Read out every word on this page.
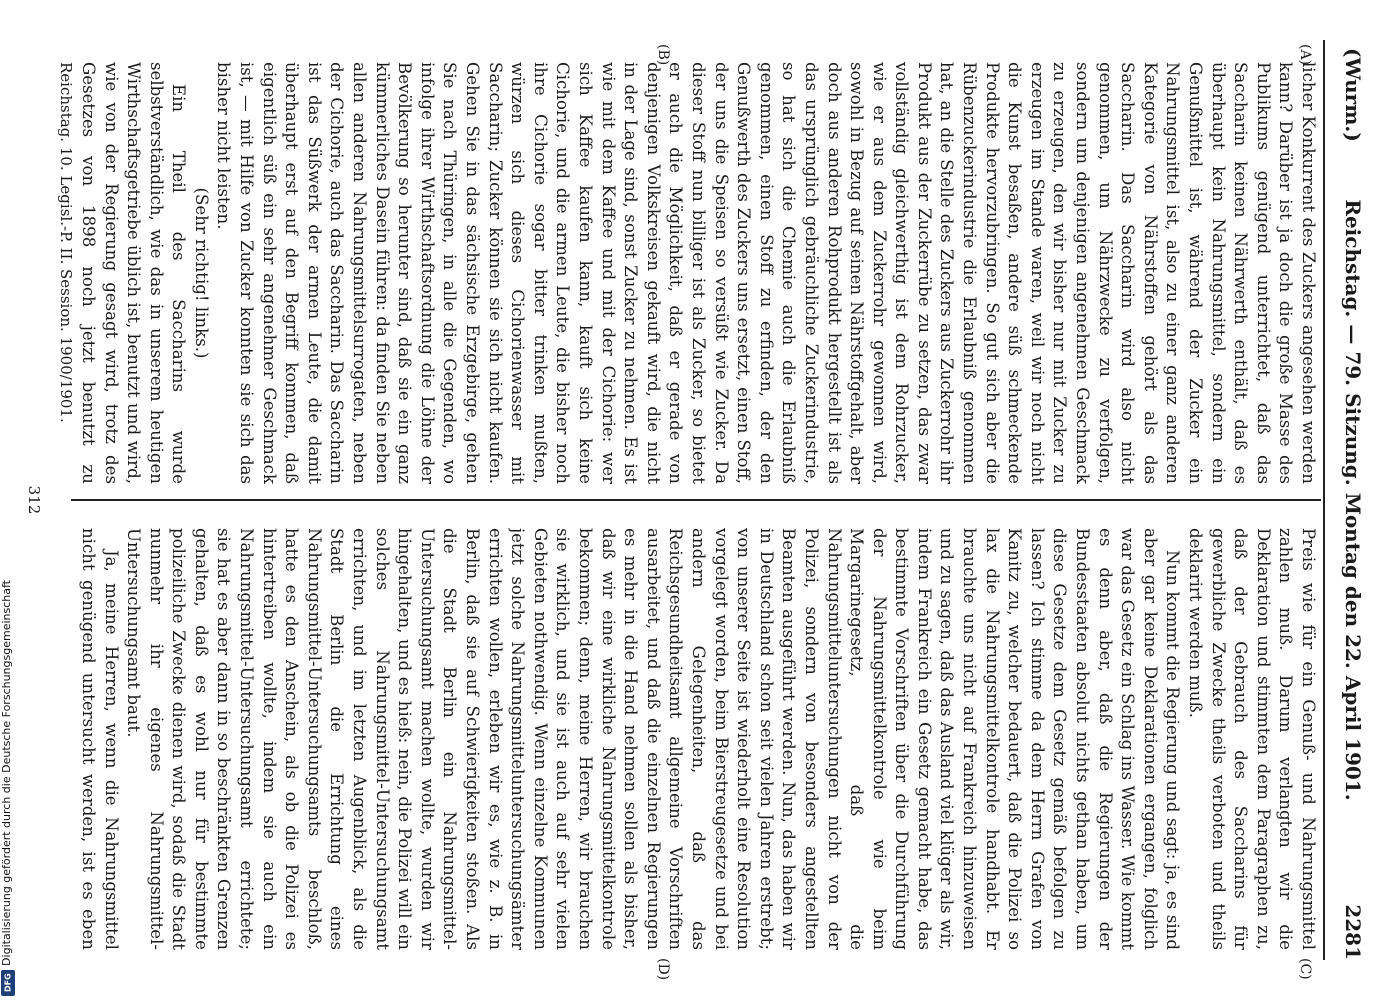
(Wurm.)
Reichstag. — 79. Sitzung. Montag den 22. April 1901.
2281
(A)
(B)
(C)
(D)

licher Konkurrent des Zuckers angesehen werden kann? Darüber ist ja doch die große Masse des Publikums genügend unterrichtet, daß das Saccharin keinen Nährwerth enthält, daß es überhaupt kein Nahrungsmittel, sondern ein Genußmittel ist, während der Zucker ein Nahrungsmittel ist, also zu einer ganz anderen Kategorie von Nährstoffen gehört als das Saccharin. Das Saccharin wird also nicht genommen, um Nährzwecke zu verfolgen, sondern um denjenigen angenehmen Geschmack zu erzeugen, den wir bisher nur mit Zucker zu erzeugen im Stande waren, weil wir noch nicht die Kunst besaßen, andere süß schmeckende Produkte hervorzubringen. So gut sich aber die Rübenzuckerindustrie die Erlaubniß genommen hat, an die Stelle des Zuckers aus Zuckerrohr ihr Produkt aus der Zuckerrübe zu setzen, das zwar vollständig gleichwerthig ist dem Rohrzucker, wie er aus dem Zuckerrohr gewonnen wird, sowohl in Bezug auf seinen Nährstoffgehalt, aber doch aus anderen Rohprodukt hergestellt ist als das ursprünglich gebräuchliche Zuckerindustrie, so hat sich die Chemie auch die Erlaubniß genommen, einen Stoff zu erfinden, der den Genußwerth des Zuckers uns ersetzt, einen Stoff, der uns die Speisen so versüßt wie Zucker. Da dieser Stoff nun billiger ist als Zucker, so bietet er auch die Möglichkeit, daß er gerade von denjenigen Volkskreisen gekauft wird, die nicht in der Lage sind, sonst Zucker zu nehmen. Es ist wie mit dem Kaffee und mit der Cichorie: wer sich Kaffee kaufen kann, kauft sich keine Cichorie, und die armen Leute, die bisher noch ihre Cichorie sogar bitter trinken mußten, würzen sich dieses Cichorienwasser mit Saccharin; Zucker können sie sich nicht kaufen. Gehen Sie in das sächsische Erzgebirge, gehen Sie nach Thüringen, in alle die Gegenden, wo infolge ihrer Wirthschaftsordnung die Löhne der Bevölkerung so herunter sind, daß sie ein ganz kümmerliches Dasein führen: da finden Sie neben allen anderen Nahrungsmittelsurrogaten, neben der Cichorie, auch das Saccharin. Das Saccharin ist das Süßwerk der armen Leute, die damit überhaupt erst auf den Begriff kommen, daß eigentlich süß ein sehr angenehmer Geschmack ist, — mit Hilfe von Zucker konnten sie sich das bisher nicht leisten.

(Sehr richtig! links.)

Ein Theil des Saccharins wurde selbstverständlich, wie das in unserem heutigen Wirthschaftsgetriebe üblich ist, benutzt und wird, wie von der Regierung gesagt wird, trotz des Gesetzes von 1898 noch jetzt benutzt zu

Preis wie für ein Genuß- und Nahrungsmittel zahlen muß. Darum verlangten wir die Deklaration und stimmten dem Paragraphen zu, daß der Gebrauch des Saccharins für gewerbliche Zwecke theils verboten und theils deklarirt werden muß.

Nun kommt die Regierung und sagt: ja, es sind aber gar keine Deklarationen ergangen, folglich war das Gesetz ein Schlag ins Wasser. Wie kommt es denn aber, daß die Regierungen der Bundesstaaten absolut nichts gethan haben, um diese Gesetze dem Gesetz gemäß befolgen zu lassen? Ich stimme da dem Herrn Grafen von Kanitz zu, welcher bedauert, daß die Polizei so lax die Nahrungsmittelkontrole handhabt. Er brauchte uns nicht auf Frankreich hinzuweisen und zu sagen, daß das Ausland viel klüger als wir, indem Frankreich ein Gesetz gemacht habe, das bestimmte Vorschriften über die Durchführung der Nahrungsmittelkontrole wie beim Margarinegesetz, daß die Nahrungsmitteluntersuchungen nicht von der Polizei, sondern von besonders angestellten Beamten ausgeführt werden. Nun, das haben wir in Deutschland schon seit vielen Jahren erstrebt; von unserer Seite ist wiederholt eine Resolution vorgelegt worden, beim Bierstreugesetze und bei andern Gelegenheiten, daß das Reichsgesundheitsamt allgemeine Vorschriften ausarbeitet, und daß die einzelnen Regierungen es mehr in die Hand nehmen sollen als bisher, daß wir eine wirkliche Nahrungsmittelkontrole bekommen; denn, meine Herren, wir brauchen sie wirklich, und sie ist auch auf sehr vielen Gebieten nothwendig. Wenn einzelne Kommunen jetzt solche Nahrungsmitteluntersuchungsämter errichten wollen, erleben wir es, wie z. B. in Berlin, daß sie auf Schwierigkeiten stoßen. Als die Stadt Berlin ein Nahrungsmittel-Untersuchungsamt machen wollte, wurden wir hingehalten, und es hieß: nein, die Polizei will ein solches Nahrungsmittel-Untersuchungsamt errichten, und im letzten Augenblick, als die Stadt Berlin die Errichtung eines Nahrungsmittel-Untersuchungsamts beschloß, hatte es den Anschein, als ob die Polizei es hintertreiben wollte, indem sie auch ein Nahrungsmittel-Untersuchungsamt errichtete; sie hat es aber dann in so beschränkten Grenzen gehalten, daß es wohl nur für bestimmte polizeiliche Zwecke dienen wird, sodaß die Stadt nunmehr ihr eigenes Nahrungsmittel-Untersuchungsamt baut.

Ja, meine Herren, wenn die Nahrungsmittel nicht genügend untersucht werden, ist es eben

Reichstag. 10. Legisl.-P. II. Session. 1900/1901.
312
Digitalisierung gefördert durch die Deutsche Forschungsgemeinschaft
DFG
